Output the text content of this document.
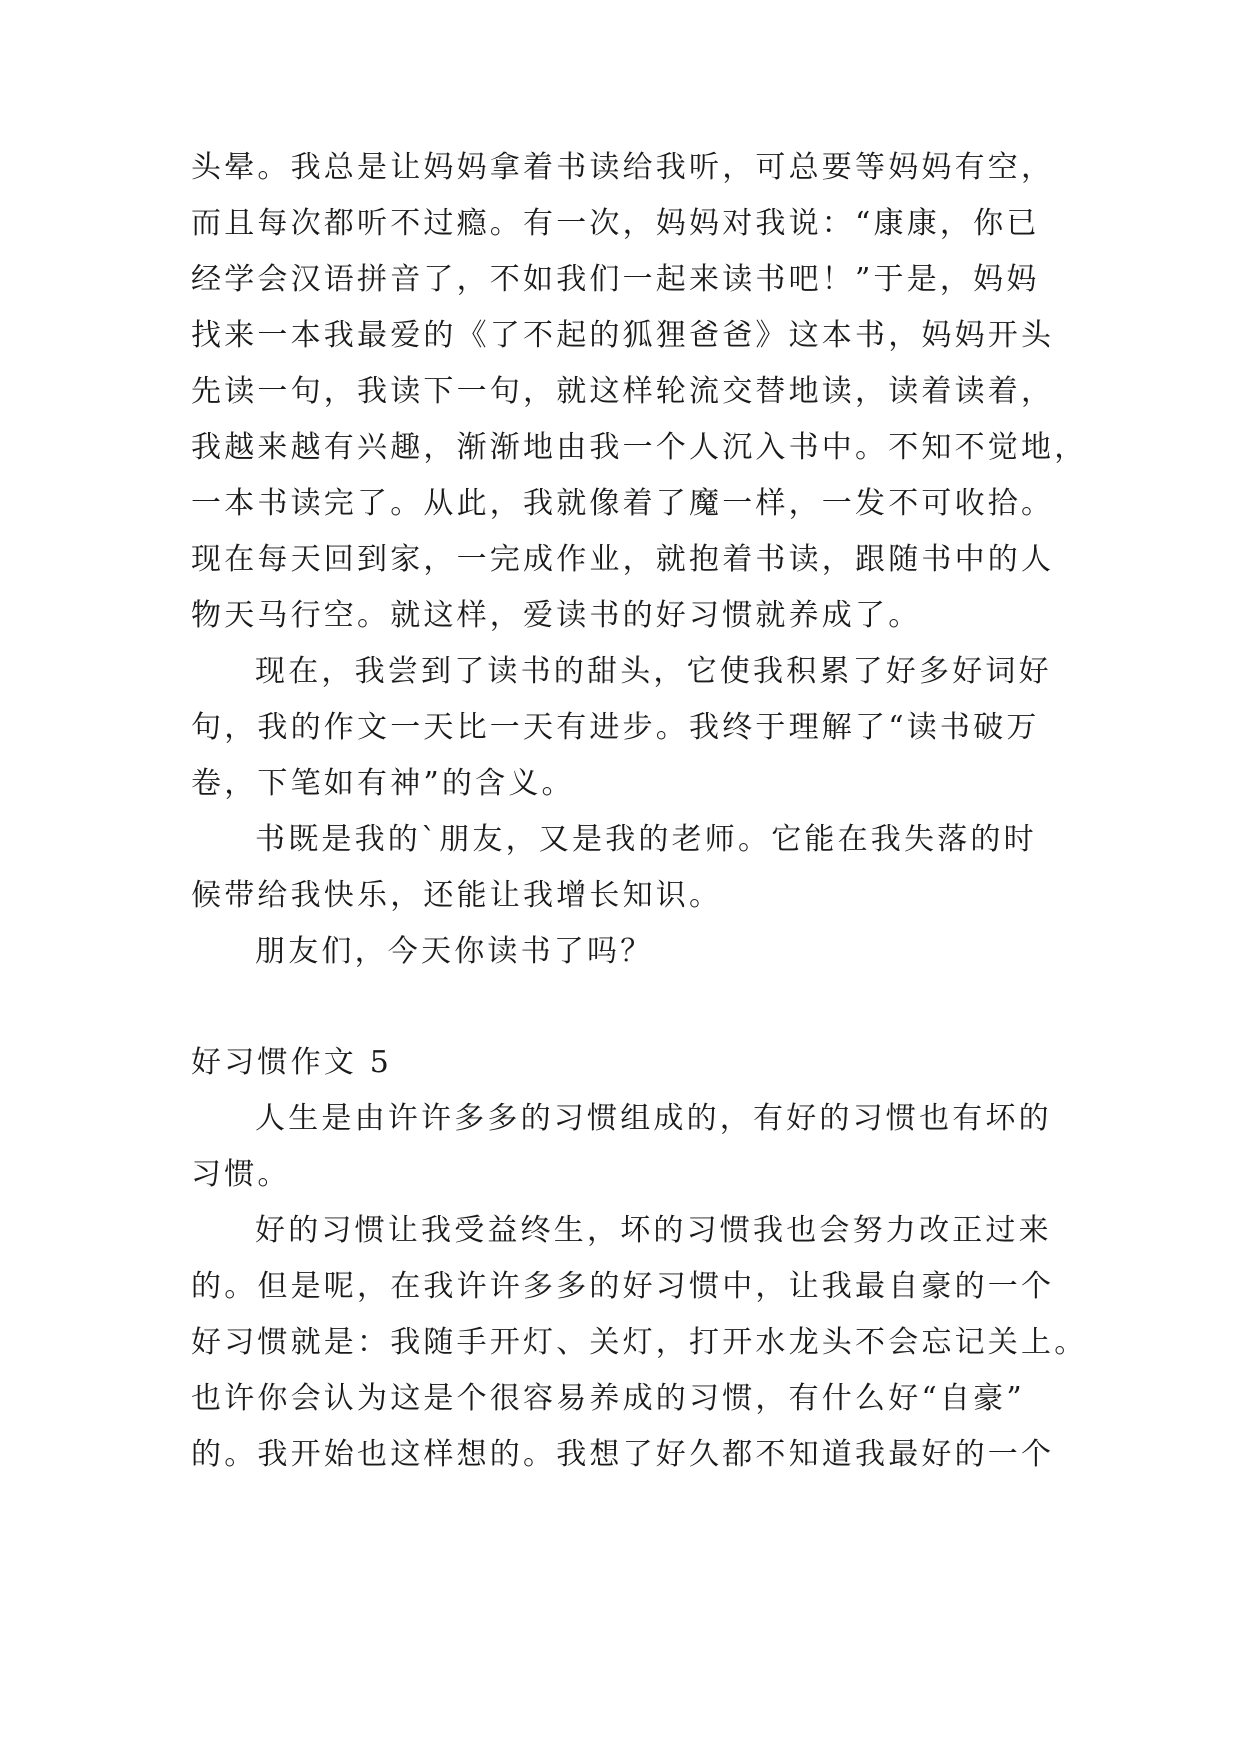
头晕。我总是让妈妈拿着书读给我听，可总要等妈妈有空，
而且每次都听不过瘾。有一次，妈妈对我说：“康康，你已
经学会汉语拼音了，不如我们一起来读书吧！”于是，妈妈
找来一本我最爱的《了不起的狐狸爸爸》这本书，妈妈开头
先读一句，我读下一句，就这样轮流交替地读，读着读着，
我越来越有兴趣，渐渐地由我一个人沉入书中。不知不觉地，
一本书读完了。从此，我就像着了魔一样，一发不可收拾。
现在每天回到家，一完成作业，就抱着书读，跟随书中的人
物天马行空。就这样，爱读书的好习惯就养成了。
现在，我尝到了读书的甜头，它使我积累了好多好词好
句，我的作文一天比一天有进步。我终于理解了“读书破万
卷，下笔如有神”的含义。
书既是我的`朋友，又是我的老师。它能在我失落的时
候带给我快乐，还能让我增长知识。
朋友们，今天你读书了吗？
好习惯作文 5
人生是由许许多多的习惯组成的，有好的习惯也有坏的
习惯。
好的习惯让我受益终生，坏的习惯我也会努力改正过来
的。但是呢，在我许许多多的好习惯中，让我最自豪的一个
好习惯就是：我随手开灯、关灯，打开水龙头不会忘记关上。
也许你会认为这是个很容易养成的习惯，有什么好“自豪”
的。我开始也这样想的。我想了好久都不知道我最好的一个
